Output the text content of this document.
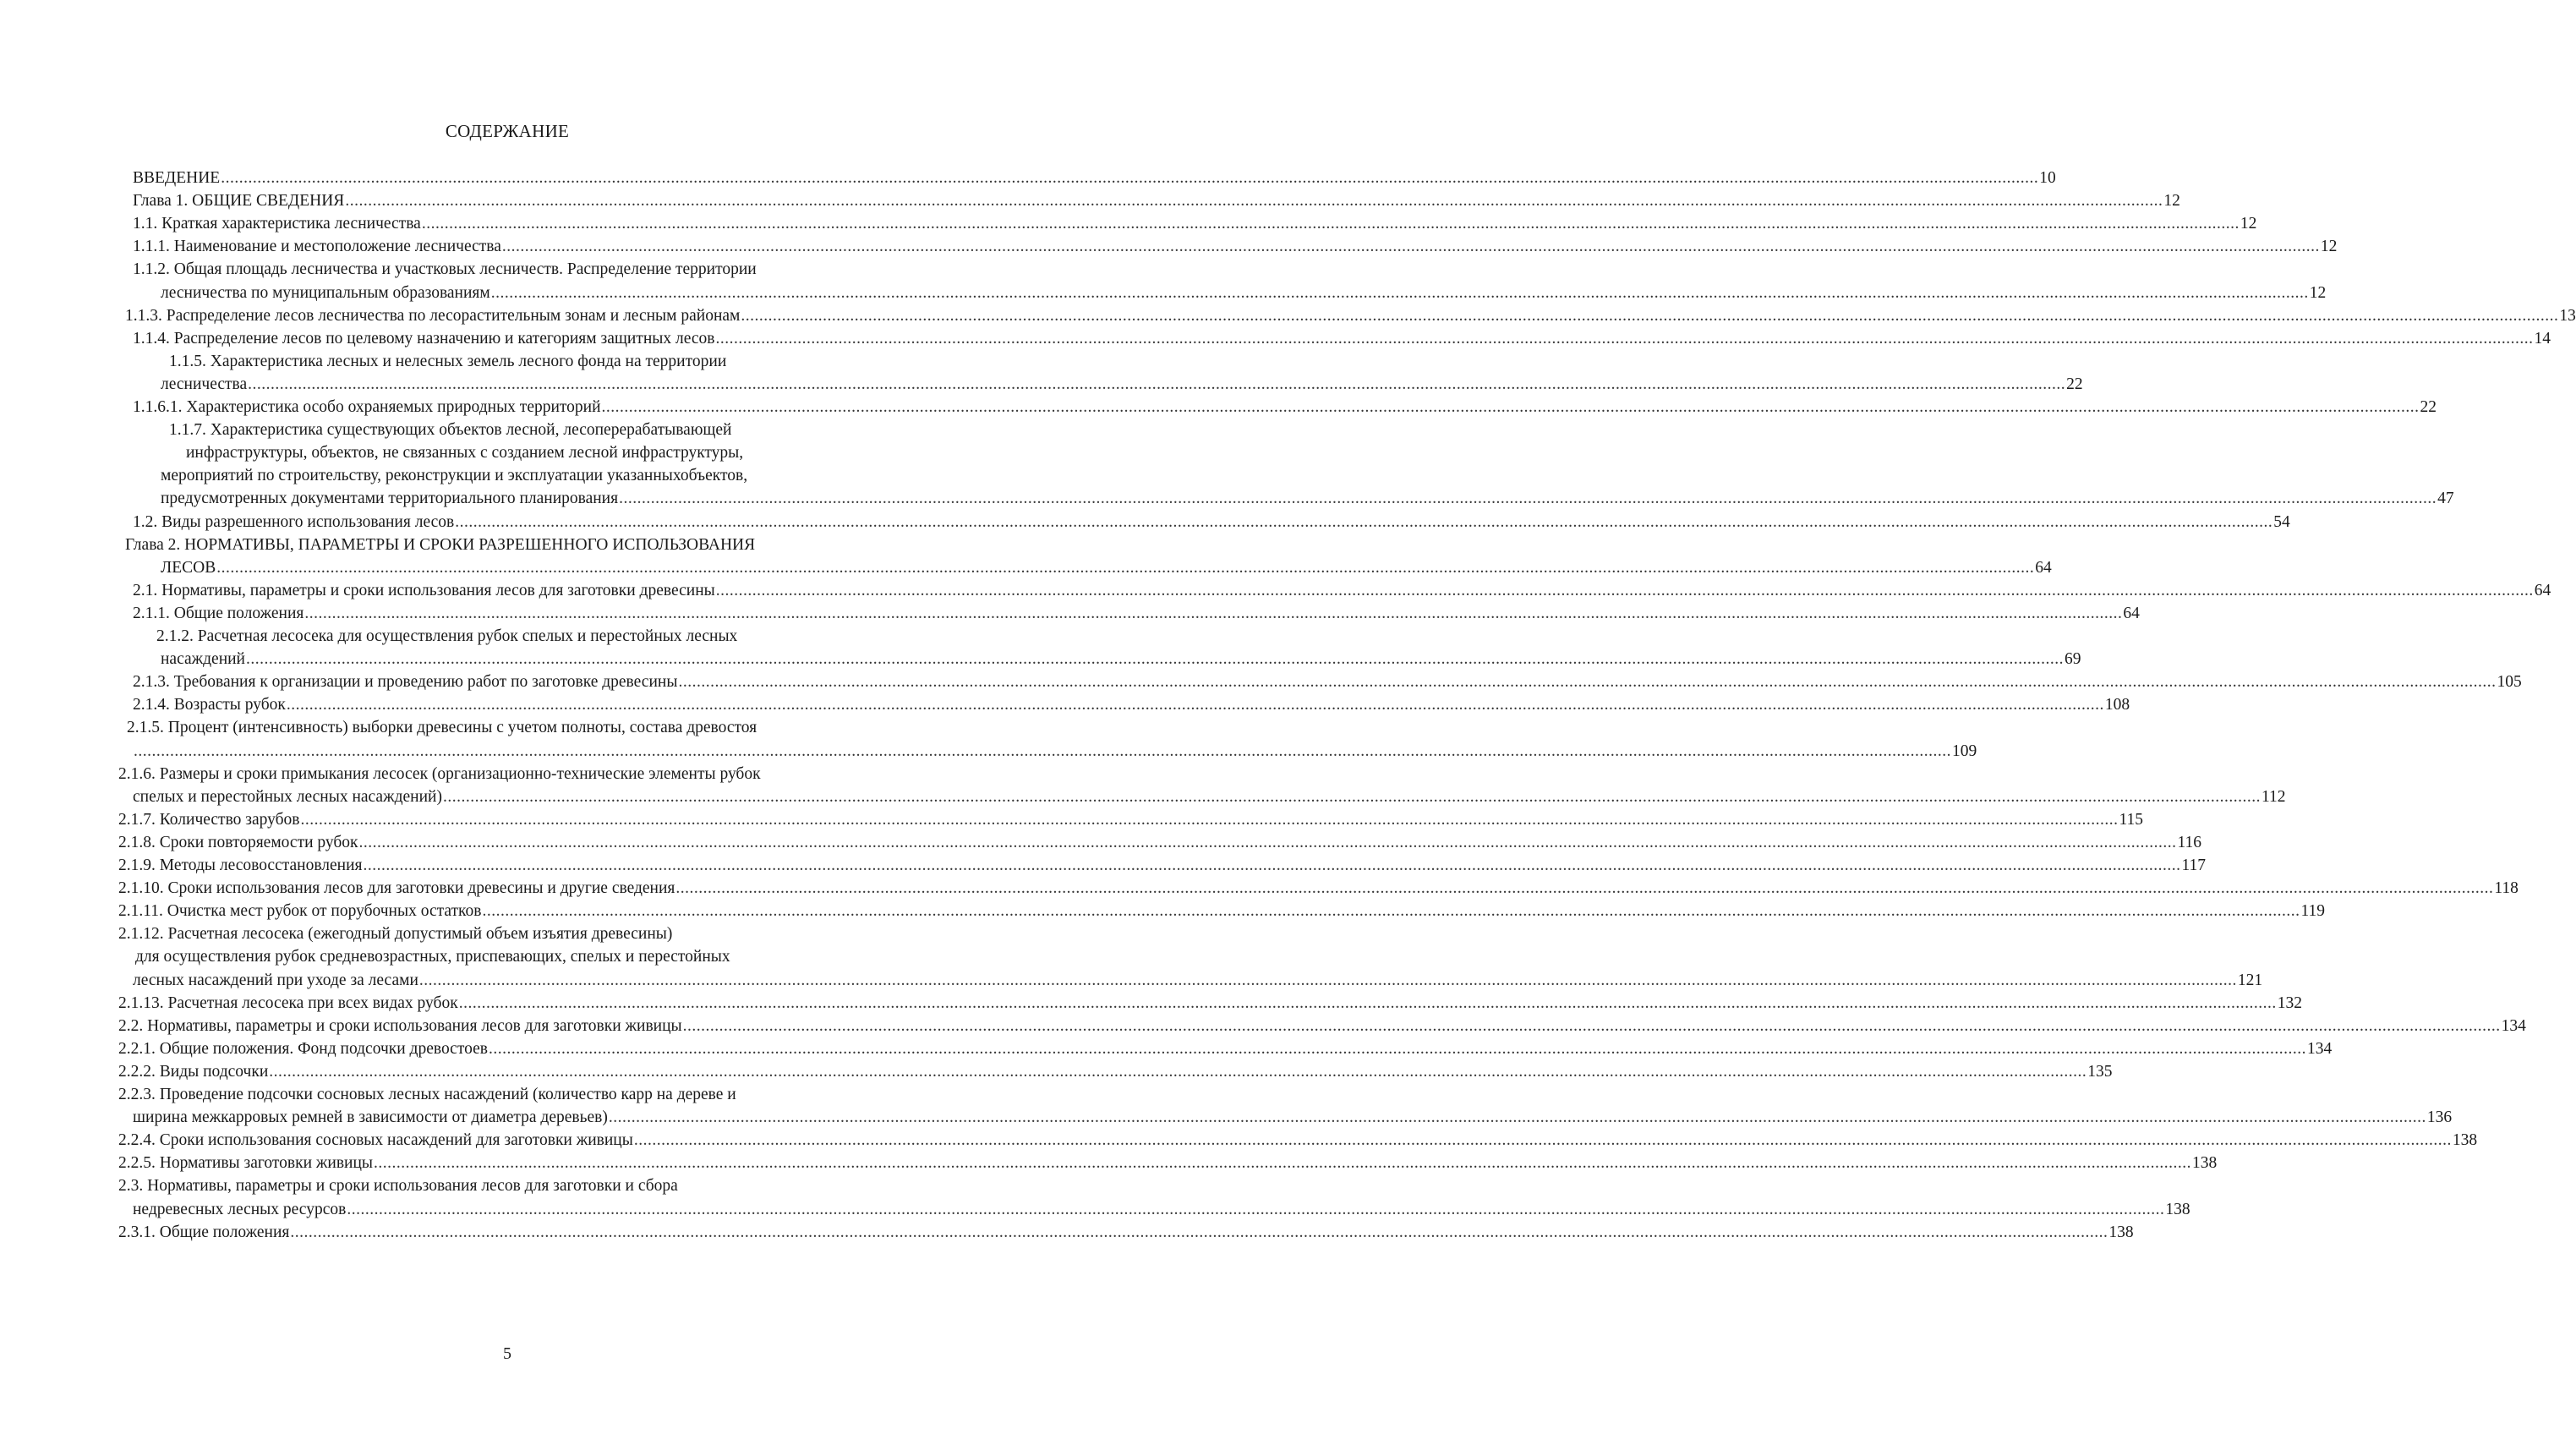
СОДЕРЖАНИЕ
ВВЕДЕНИЕ ................................................................................................................................................................................................................................................................................................................................................................................................................ 10
Глава 1. ОБЩИЕ СВЕДЕНИЯ ................................................................................................................................................................................................................................................................................................................................................................................................................ 12
1.1. Краткая характеристика лесничества ................................................................................................................................................................................................................................................................................................................................................................................................................ 12
1.1.1. Наименование и местоположение лесничества ................................................................................................................................................................................................................................................................................................................................................................................................................ 12
1.1.2. Общая площадь лесничества и участковых лесничеств. Распределение территории
лесничества по муниципальным образованиям ................................................................................................................................................................................................................................................................................................................................................................................................................ 12
1.1.3. Распределение лесов лесничества по лесорастительным зонам и лесным районам ................................................................................................................................................................................................................................................................................................................................................................................................................ 13
1.1.4. Распределение лесов по целевому назначению и категориям защитных лесов ................................................................................................................................................................................................................................................................................................................................................................................................................ 14
1.1.5. Характеристика лесных и нелесных земель лесного фонда на территории
лесничества ................................................................................................................................................................................................................................................................................................................................................................................................................ 22
1.1.6.1. Характеристика особо охраняемых природных территорий ................................................................................................................................................................................................................................................................................................................................................................................................................ 22
1.1.7. Характеристика существующих объектов лесной, лесоперерабатывающей
инфраструктуры, объектов, не связанных с созданием лесной инфраструктуры,
мероприятий по строительству, реконструкции и эксплуатации указанныхобъектов,
предусмотренных документами территориального планирования ................................................................................................................................................................................................................................................................................................................................................................................................................ 47
1.2. Виды разрешенного использования лесов ................................................................................................................................................................................................................................................................................................................................................................................................................ 54
Глава 2. НОРМАТИВЫ, ПАРАМЕТРЫ И СРОКИ РАЗРЕШЕННОГО ИСПОЛЬЗОВАНИЯ
ЛЕСОВ ................................................................................................................................................................................................................................................................................................................................................................................................................ 64
2.1. Нормативы, параметры и сроки использования лесов для заготовки древесины ................................................................................................................................................................................................................................................................................................................................................................................................................ 64
2.1.1. Общие положения ................................................................................................................................................................................................................................................................................................................................................................................................................ 64
2.1.2. Расчетная лесосека для осуществления рубок спелых и перестойных лесных
насаждений ................................................................................................................................................................................................................................................................................................................................................................................................................ 69
2.1.3. Требования к организации и проведению работ по заготовке древесины ................................................................................................................................................................................................................................................................................................................................................................................................................ 105
2.1.4. Возрасты рубок ................................................................................................................................................................................................................................................................................................................................................................................................................ 108
2.1.5. Процент (интенсивность) выборки древесины с учетом полноты, состава древостоя
................................................................................................................................................................................................................................................................................................................................................................................................................ 109
2.1.6. Размеры и сроки примыкания лесосек (организационно-технические элементы рубок
спелых и перестойных лесных насаждений) ................................................................................................................................................................................................................................................................................................................................................................................................................ 112
2.1.7. Количество зарубов ................................................................................................................................................................................................................................................................................................................................................................................................................ 115
2.1.8. Сроки повторяемости рубок ................................................................................................................................................................................................................................................................................................................................................................................................................ 116
2.1.9. Методы лесовосстановления ................................................................................................................................................................................................................................................................................................................................................................................................................ 117
2.1.10. Сроки использования лесов для заготовки древесины и другие сведения ................................................................................................................................................................................................................................................................................................................................................................................................................ 118
2.1.11. Очистка мест рубок от порубочных остатков ................................................................................................................................................................................................................................................................................................................................................................................................................ 119
2.1.12. Расчетная лесосека (ежегодный допустимый объем изъятия древесины)
для осуществления рубок средневозрастных, приспевающих, спелых и перестойных
лесных насаждений при уходе за лесами ................................................................................................................................................................................................................................................................................................................................................................................................................ 121
2.1.13. Расчетная лесосека при всех видах рубок ................................................................................................................................................................................................................................................................................................................................................................................................................ 132
2.2. Нормативы, параметры и сроки использования лесов для заготовки живицы ................................................................................................................................................................................................................................................................................................................................................................................................................ 134
2.2.1. Общие положения. Фонд подсочки древостоев ................................................................................................................................................................................................................................................................................................................................................................................................................ 134
2.2.2. Виды подсочки ................................................................................................................................................................................................................................................................................................................................................................................................................ 135
2.2.3. Проведение подсочки сосновых лесных насаждений (количество карр на дереве и
ширина межкарровых ремней в зависимости от диаметра деревьев) ................................................................................................................................................................................................................................................................................................................................................................................................................ 136
2.2.4. Сроки использования сосновых насаждений для заготовки живицы ................................................................................................................................................................................................................................................................................................................................................................................................................ 138
2.2.5. Нормативы заготовки живицы ................................................................................................................................................................................................................................................................................................................................................................................................................ 138
2.3. Нормативы, параметры и сроки использования лесов для заготовки и сбора
недревесных лесных ресурсов ................................................................................................................................................................................................................................................................................................................................................................................................................ 138
2.3.1. Общие положения ................................................................................................................................................................................................................................................................................................................................................................................................................ 138
5
